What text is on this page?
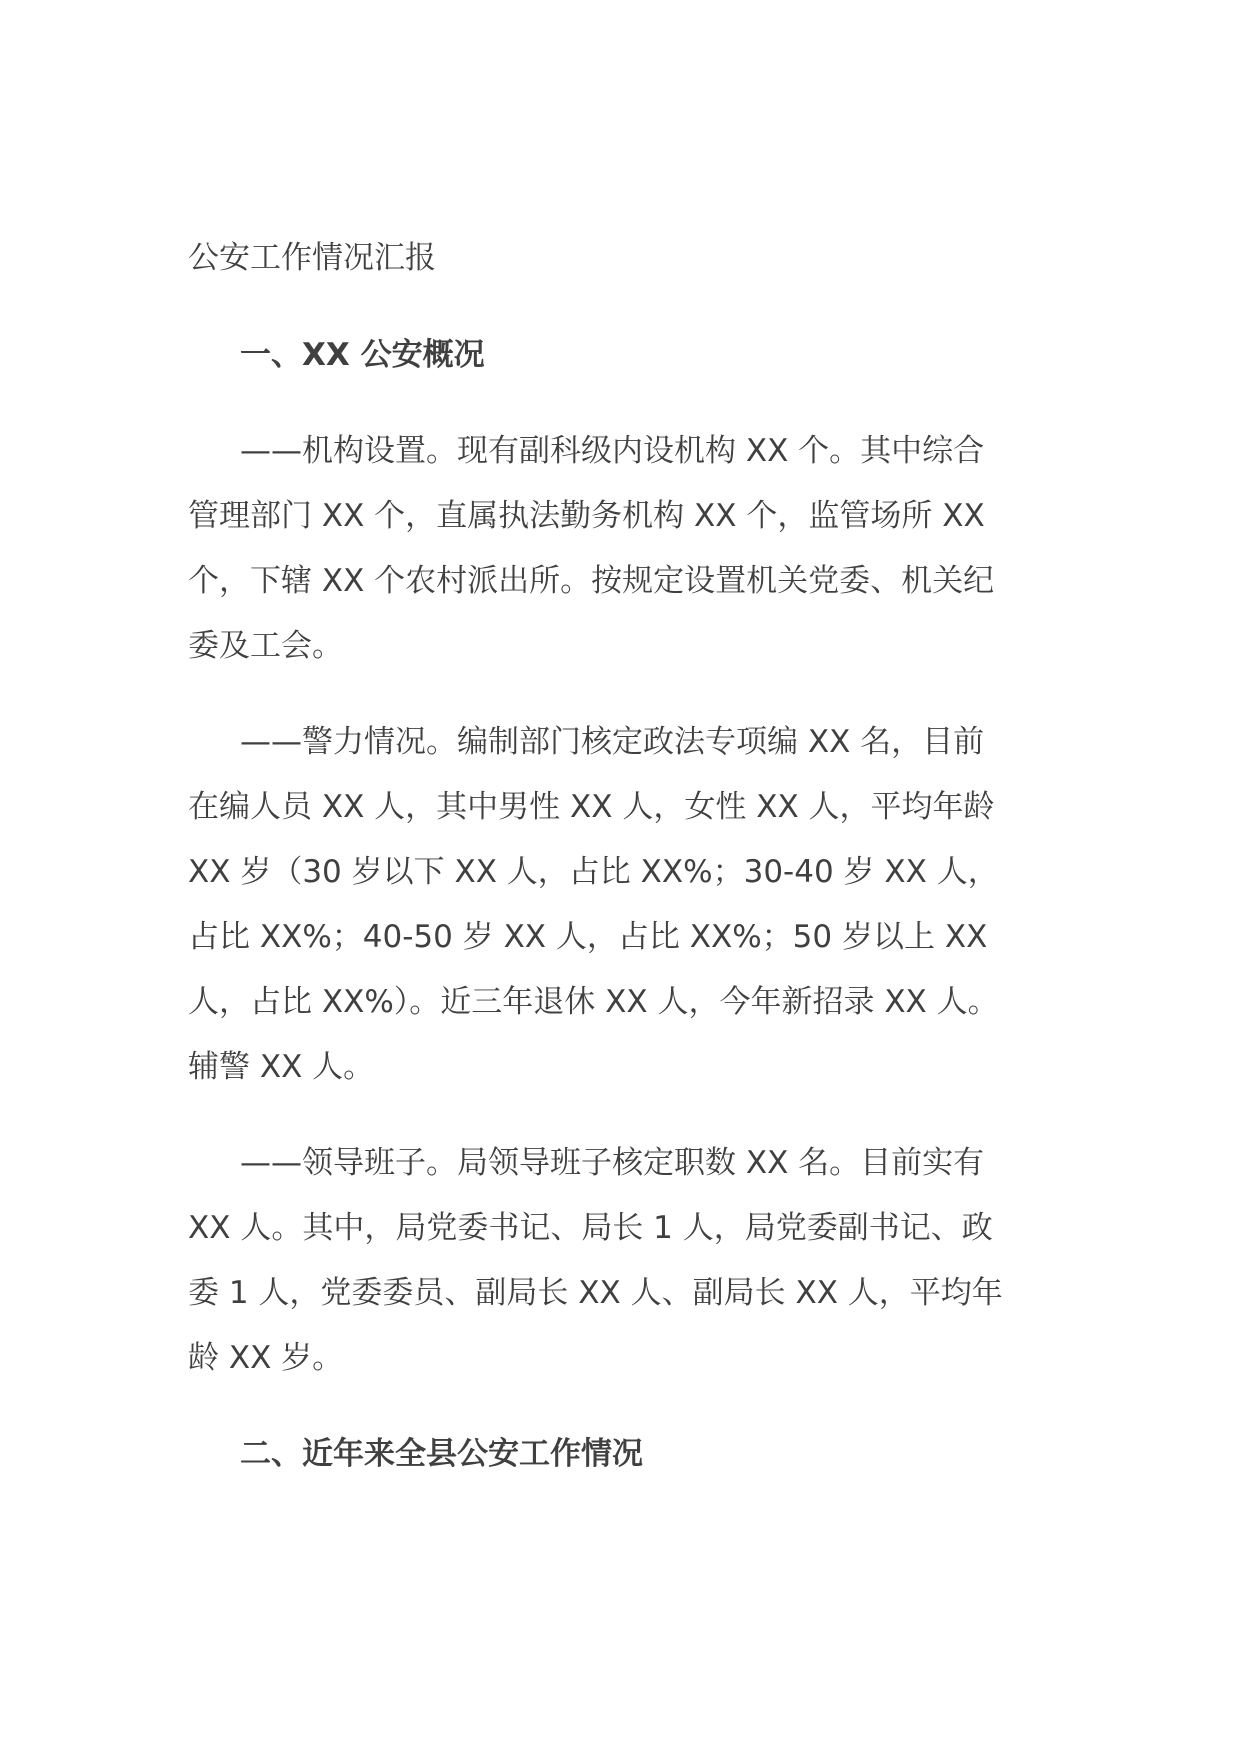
公安工作情况汇报
一、XX 公安概况
——机构设置。现有副科级内设机构 XX 个。其中综合
管理部门 XX 个，直属执法勤务机构 XX 个，监管场所 XX
个，下辖 XX 个农村派出所。按规定设置机关党委、机关纪
委及工会。
——警力情况。编制部门核定政法专项编 XX 名，目前
在编人员 XX 人，其中男性 XX 人，女性 XX 人，平均年龄
XX 岁（30 岁以下 XX 人，占比 XX%；30-40 岁 XX 人，
占比 XX%；40-50 岁 XX 人，占比 XX%；50 岁以上 XX
人，占比 XX%）。近三年退休 XX 人，今年新招录 XX 人。
辅警 XX 人。
——领导班子。局领导班子核定职数 XX 名。目前实有
XX 人。其中，局党委书记、局长 1 人，局党委副书记、政
委 1 人，党委委员、副局长 XX 人、副局长 XX 人，平均年
龄 XX 岁。
二、近年来全县公安工作情况
